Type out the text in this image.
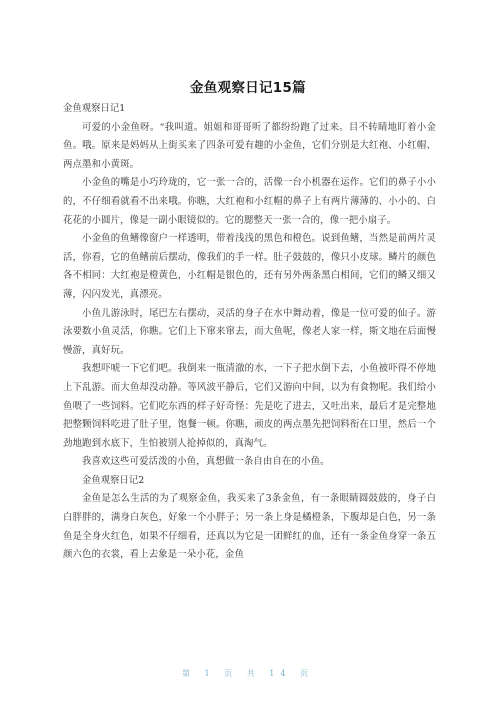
金鱼观察日记15篇

金鱼观察日记1

可爱的小金鱼呀。“我叫道。姐姐和哥哥听了都纷纷跑了过来。目不转睛地盯着小金鱼。哦。原来是妈妈从上街买来了四条可爱有趣的小金鱼，它们分别是大红袍、小红帽、两点墨和小黄斑。

小金鱼的嘴是小巧玲珑的，它一张一合的，活像一台小机器在运作。它们的鼻子小小的，不仔细看就看不出来哦。你瞧，大红袍和小红帽的鼻子上有两片薄薄的、小小的、白花花的小圆片，像是一副小眼镜似的。它的腮整天一张一合的，像一把小扇子。

小金鱼的鱼鳍像窗户一样透明，带着浅浅的黑色和橙色。说到鱼鳍，当然是前两片灵活，你看，它的鱼鳍前后摆动，像我们的手一样。肚子鼓鼓的，像只小皮球。鳞片的颜色各不相同：大红袍是橙黄色，小红帽是银色的，还有另外两条黑白相间，它们的鳞又细又薄，闪闪发光，真漂亮。

小鱼儿游泳时，尾巴左右摆动，灵活的身子在水中舞动着，像是一位可爱的仙子。游泳要数小鱼灵活，你瞧。它们上下窜来窜去，而大鱼呢，像老人家一样，斯文地在后面慢慢游，真好玩。

我想吓唬一下它们吧。我倒来一瓶清澈的水，一下子把水倒下去，小鱼被吓得不停地上下乱游。而大鱼却没动静。等风波平静后，它们又游向中间，以为有食物呢。我们给小鱼喂了一些饲料。它们吃东西的样子好奇怪：先是吃了进去，又吐出来，最后才是完整地把整颗饲料吃进了肚子里，饱餐一顿。你瞧，顽皮的两点墨先把饲料衔在口里，然后一个劲地跑到水底下，生怕被别人抢掉似的，真淘气。

我喜欢这些可爱活泼的小鱼，真想做一条自由自在的小鱼。

金鱼观察日记2

金鱼是怎么生活的为了观察金鱼，我买来了3条金鱼，有一条眼睛圆鼓鼓的，身子白白胖胖的，满身白灰色，好象一个小胖子；另一条上身是橘橙条，下腹却是白色，另一条鱼是全身火红色，如果不仔细看，还真以为它是一团鲜红的血，还有一条金鱼身穿一条五颜六色的衣裳，看上去象是一朵小花，金鱼

第 1 页 共 14 页
